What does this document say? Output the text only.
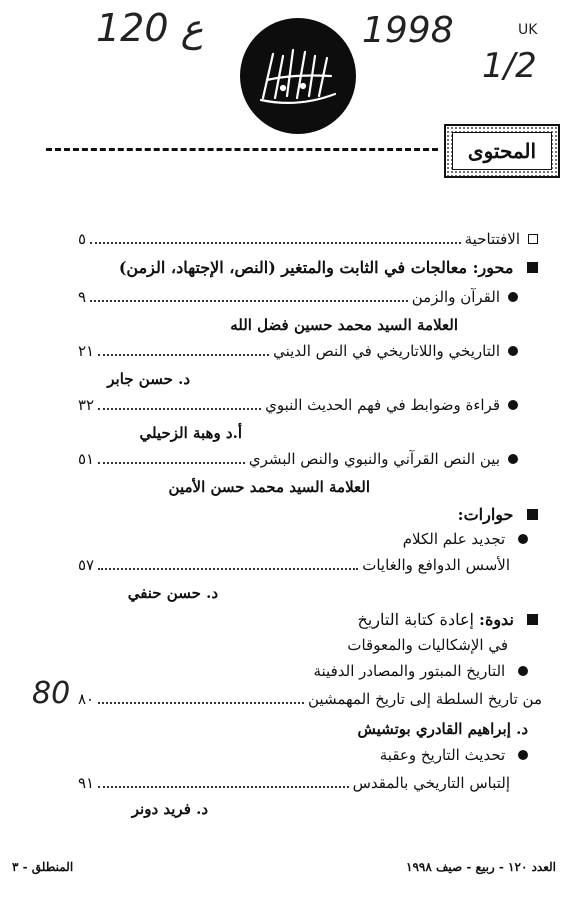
120 ع	1998	UK
1/2
المحتوى
الافتتاحية
٥
محور: معالجات في الثابت والمتغير (النص، الإجتهاد، الزمن)
القرآن والزمن
٩
العلامة السيد محمد حسين فضل الله
التاريخي واللاتاريخي في النص الديني
٢١
د. حسن جابر
قراءة وضوابط في فهم الحديث النبوي
٣٢
أ.د وهبة الزحيلي
بين النص القرآني والنبوي والنص البشري
٥١
العلامة السيد محمد حسن الأمين
حوارات:
تجديد علم الكلام
الأسس الدوافع والغايات
٥٧
د. حسن حنفي
ندوة: إعادة كتابة التاريخ
في الإشكاليات والمعوقات
التاريخ المبتور والمصادر الدفينة
من تاريخ السلطة إلى تاريخ المهمشين
٨٠
80
د. إبراهيم القادري بوتشيش
تحديث التاريخ وعقبة
إلتباس التاريخي بالمقدس
٩١
د. فريد دونر
العدد ١٢٠ - ربيع - صيف ١٩٩٨
المنطلق - ٣
